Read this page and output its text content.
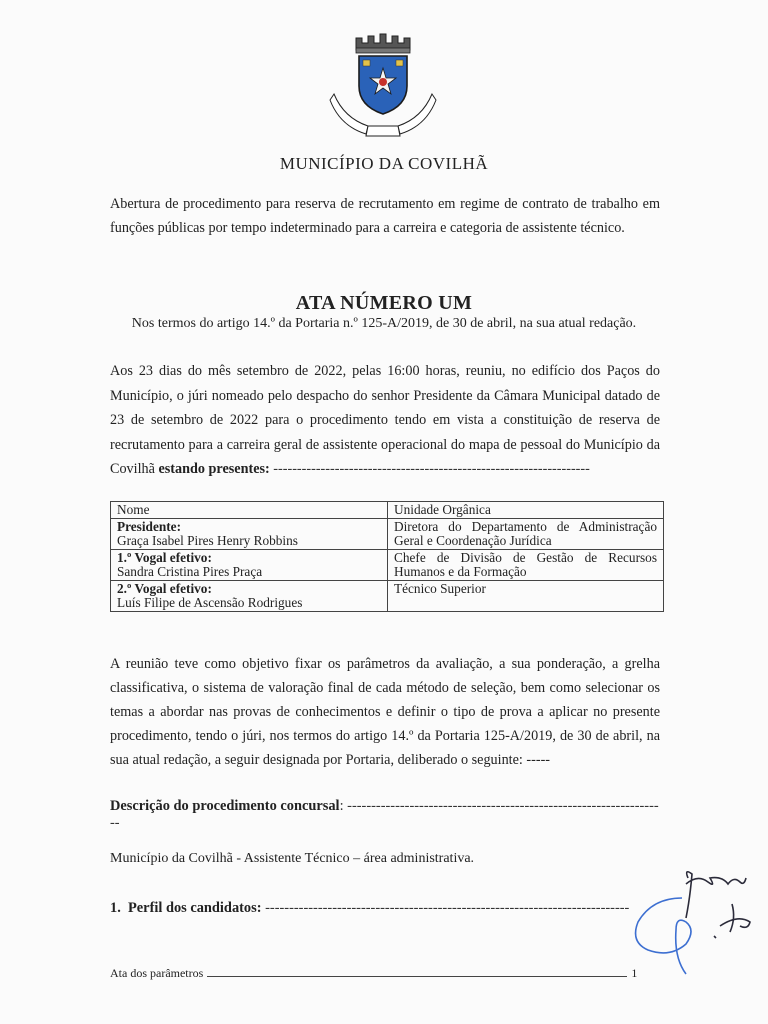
MUNICÍPIO DA COVILHÃ
Abertura de procedimento para reserva de recrutamento em regime de contrato de trabalho em funções públicas por tempo indeterminado para a carreira e categoria de assistente técnico.
ATA NÚMERO UM
Nos termos do artigo 14.º da Portaria n.º 125-A/2019, de 30 de abril, na sua atual redação.
Aos 23 dias do mês setembro de 2022, pelas 16:00 horas, reuniu, no edifício dos Paços do Município, o júri nomeado pelo despacho do senhor Presidente da Câmara Municipal datado de 23 de setembro de 2022 para o procedimento tendo em vista a constituição de reserva de recrutamento para a carreira geral de assistente operacional do mapa de pessoal do Município da Covilhã estando presentes: -------------------------------------------------------------------
Nome	Unidade Orgânica
Presidente:
Graça Isabel Pires Henry Robbins	Diretora do Departamento de Administração Geral e Coordenação Jurídica
1.º Vogal efetivo:
Sandra Cristina Pires Praça	Chefe de Divisão de Gestão de Recursos Humanos e da Formação
2.º Vogal efetivo:
Luís Filipe de Ascensão Rodrigues	Técnico Superior
A reunião teve como objetivo fixar os parâmetros da avaliação, a sua ponderação, a grelha classificativa, o sistema de valoração final de cada método de seleção, bem como selecionar os temas a abordar nas provas de conhecimentos e definir o tipo de prova a aplicar no presente procedimento, tendo o júri, nos termos do artigo 14.º da Portaria 125-A/2019, de 30 de abril, na sua atual redação, a seguir designada por Portaria, deliberado o seguinte: -----
Descrição do procedimento concursal: -------------------------------------------------------------------
Município da Covilhã - Assistente Técnico – área administrativa.
1. Perfil dos candidatos: ----------------------------------------------------------------------------
Ata dos parâmetros	1
